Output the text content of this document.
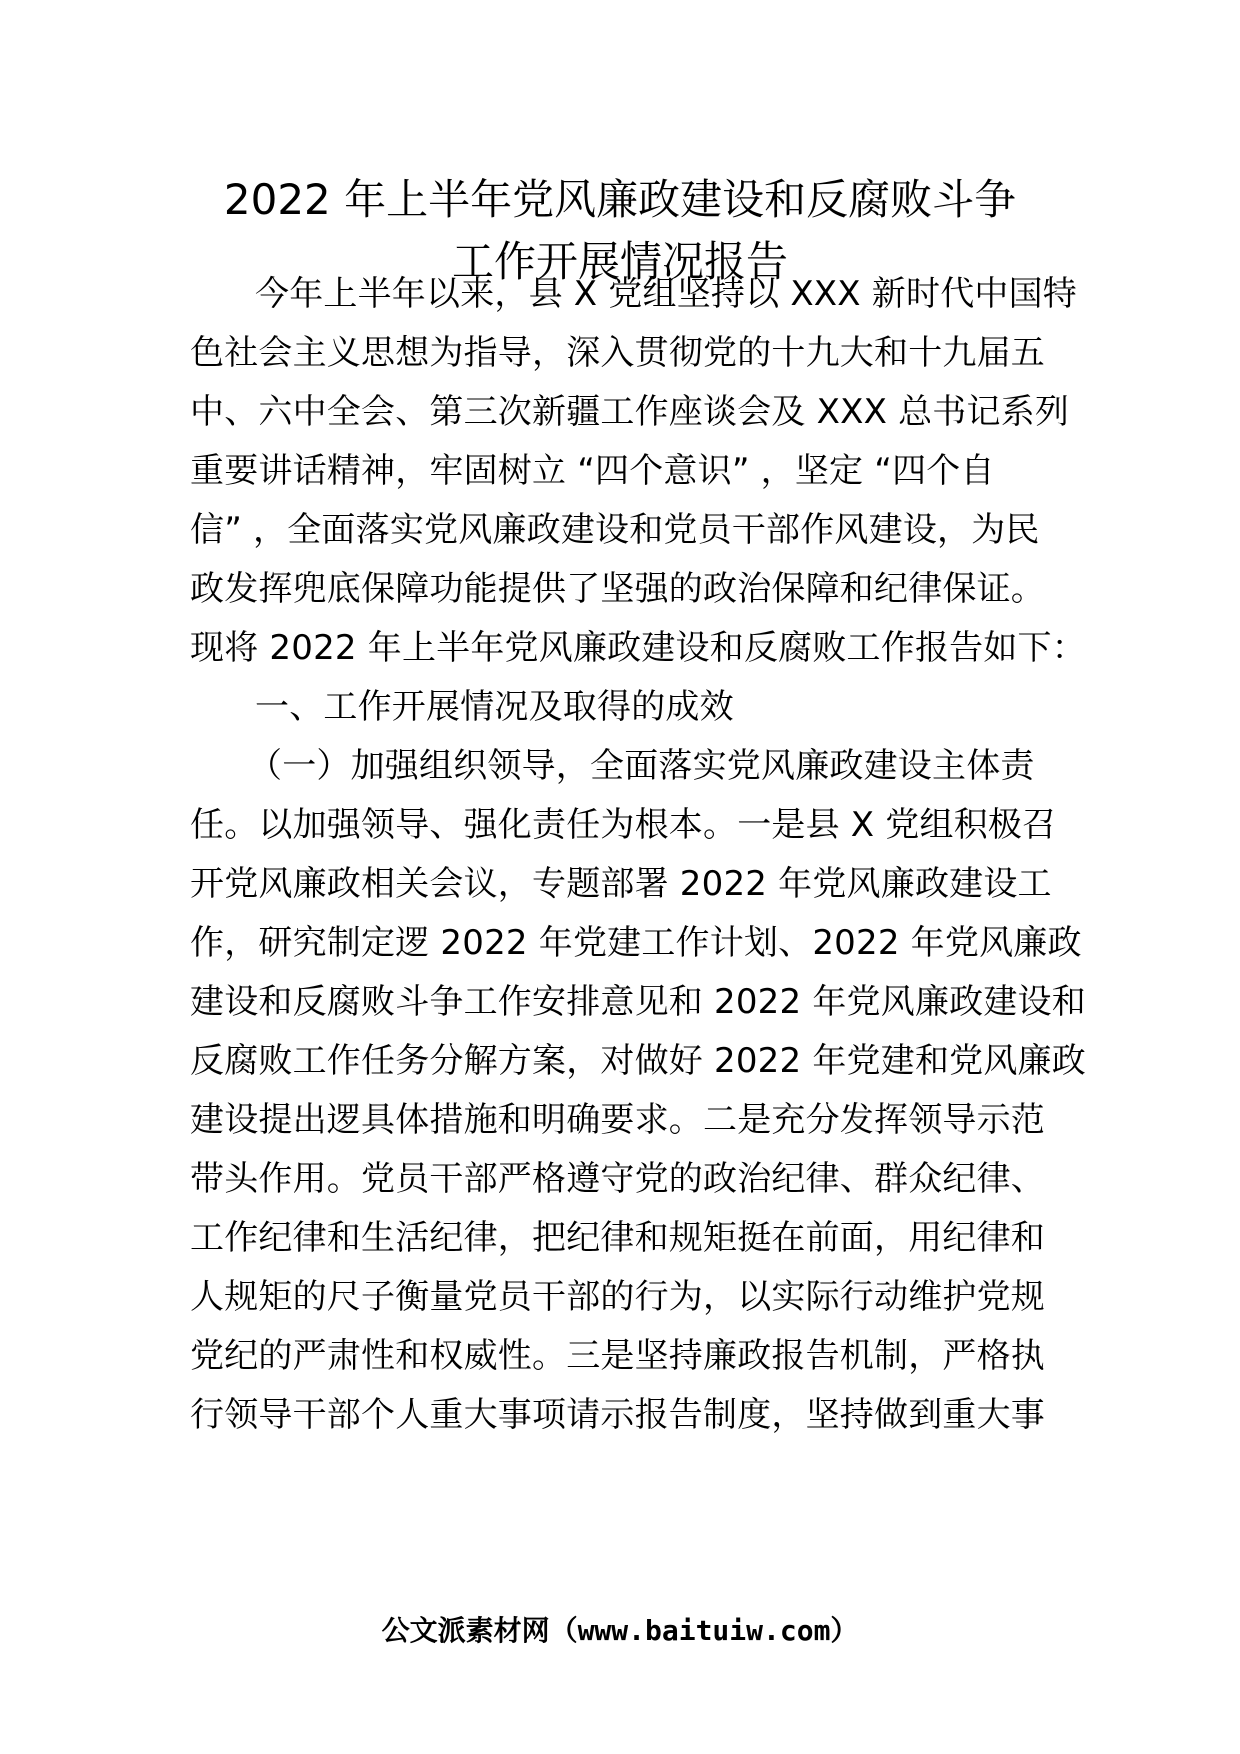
2022 年上半年党风廉政建设和反腐败斗争
工作开展情况报告
今年上半年以来，县 X 党组坚持以 XXX 新时代中国特
色社会主义思想为指导，深入贯彻党的十九大和十九届五
中、六中全会、第三次新疆工作座谈会及 XXX 总书记系列
重要讲话精神，牢固树立 “四个意识” ，坚定 “四个自
信” ，全面落实党风廉政建设和党员干部作风建设，为民
政发挥兜底保障功能提供了坚强的政治保障和纪律保证。
现将 2022 年上半年党风廉政建设和反腐败工作报告如下：
一、工作开展情况及取得的成效
（一）加强组织领导，全面落实党风廉政建设主体责
任。以加强领导、强化责任为根本。一是县 X 党组积极召
开党风廉政相关会议，专题部署 2022 年党风廉政建设工
作，研究制定逻 2022 年党建工作计划、2022 年党风廉政
建设和反腐败斗争工作安排意见和 2022 年党风廉政建设和
反腐败工作任务分解方案，对做好 2022 年党建和党风廉政
建设提出逻具体措施和明确要求。二是充分发挥领导示范
带头作用。党员干部严格遵守党的政治纪律、群众纪律、
工作纪律和生活纪律，把纪律和规矩挺在前面，用纪律和
人规矩的尺子衡量党员干部的行为，以实际行动维护党规
党纪的严肃性和权威性。三是坚持廉政报告机制，严格执
行领导干部个人重大事项请示报告制度，坚持做到重大事
公文派素材网（www.baituiw.com）
